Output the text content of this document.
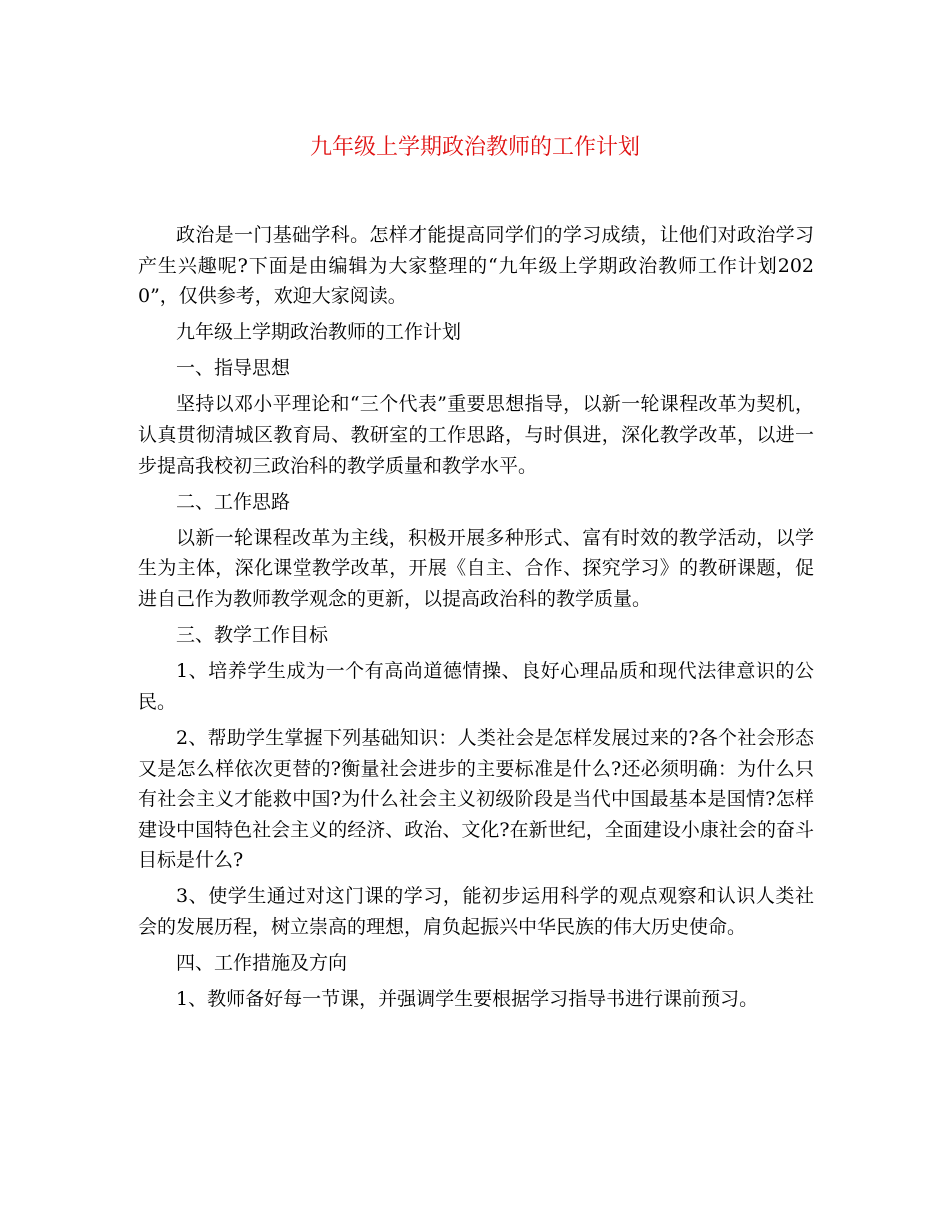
九年级上学期政治教师的工作计划

政治是一门基础学科。怎样才能提高同学们的学习成绩，让他们对政治学习产生兴趣呢?下面是由编辑为大家整理的“九年级上学期政治教师工作计划2020”，仅供参考，欢迎大家阅读。

九年级上学期政治教师的工作计划

一、指导思想

坚持以邓小平理论和“三个代表”重要思想指导，以新一轮课程改革为契机，认真贯彻清城区教育局、教研室的工作思路，与时俱进，深化教学改革，以进一步提高我校初三政治科的教学质量和教学水平。

二、工作思路

以新一轮课程改革为主线，积极开展多种形式、富有时效的教学活动，以学生为主体，深化课堂教学改革，开展《自主、合作、探究学习》的教研课题，促进自己作为教师教学观念的更新，以提高政治科的教学质量。

三、教学工作目标

1、培养学生成为一个有高尚道德情操、良好心理品质和现代法律意识的公民。

2、帮助学生掌握下列基础知识：人类社会是怎样发展过来的?各个社会形态又是怎么样依次更替的?衡量社会进步的主要标准是什么?还必须明确：为什么只有社会主义才能救中国?为什么社会主义初级阶段是当代中国最基本是国情?怎样建设中国特色社会主义的经济、政治、文化?在新世纪，全面建设小康社会的奋斗目标是什么?

3、使学生通过对这门课的学习，能初步运用科学的观点观察和认识人类社会的发展历程，树立崇高的理想，肩负起振兴中华民族的伟大历史使命。

四、工作措施及方向

1、教师备好每一节课，并强调学生要根据学习指导书进行课前预习。
